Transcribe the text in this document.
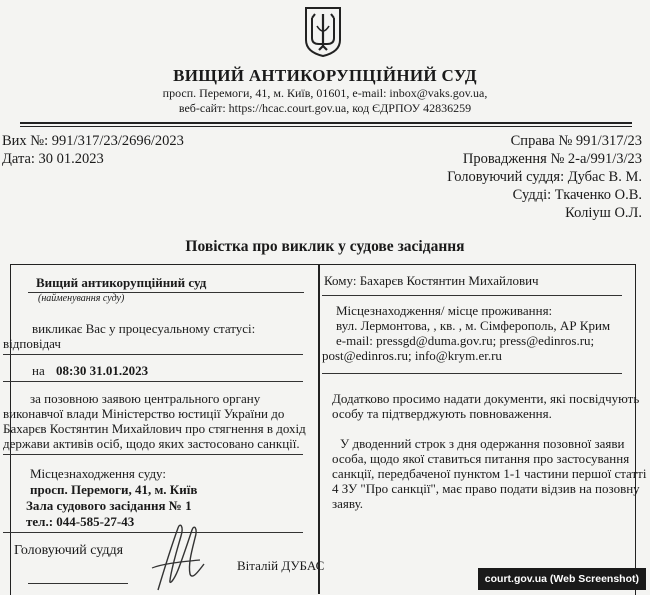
ВИЩИЙ АНТИКОРУПЦІЙНИЙ СУД
просп. Перемоги, 41, м. Київ, 01601, e-mail: inbox@vaks.gov.ua,
веб-сайт: https://hcac.court.gov.ua, код ЄДРПОУ 42836259
Вих №: 991/317/23/2696/2023
Дата: 30 01.2023
Справа № 991/317/23
Провадження № 2-а/991/3/23
Головуючий суддя: Дубас В. М.
Судді: Ткаченко О.В.
Коліуш О.Л.
Повістка про виклик у судове засідання
Вищий антикорупційний суд
(найменування суду)
викликає Вас у процесуальному статусі:
відповідач
на 08:30 31.01.2023
за позовною заявою центрального органу
виконавчої влади Міністерство юстиції України до
Бахарєв Костянтин Михайлович про стягнення в дохід
держави активів осіб, щодо яких застосовано санкції.
Місцезнаходження суду:
просп. Перемоги, 41, м. Київ
Зала судового засідання № 1
тел.: 044-585-27-43
Головуючий суддя
Віталій ДУБАС
Кому: Бахарєв Костянтин Михайлович
Місцезнаходження/ місце проживання:
вул. Лермонтова, , кв. , м. Сімферополь, АР Крим
e-mail: pressgd@duma.gov.ru; press@edinros.ru;
post@edinros.ru; info@krym.er.ru
Додатково просимо надати документи, які посвідчують
особу та підтверджують повноваження.
У дводенний строк з дня одержання позовної заяви
особа, щодо якої ставиться питання про застосування
санкції, передбаченої пунктом 1-1 частини першої статті
4 ЗУ "Про санкції", має право подати відзив на позовну
заяву.
court.gov.ua (Web Screenshot)
